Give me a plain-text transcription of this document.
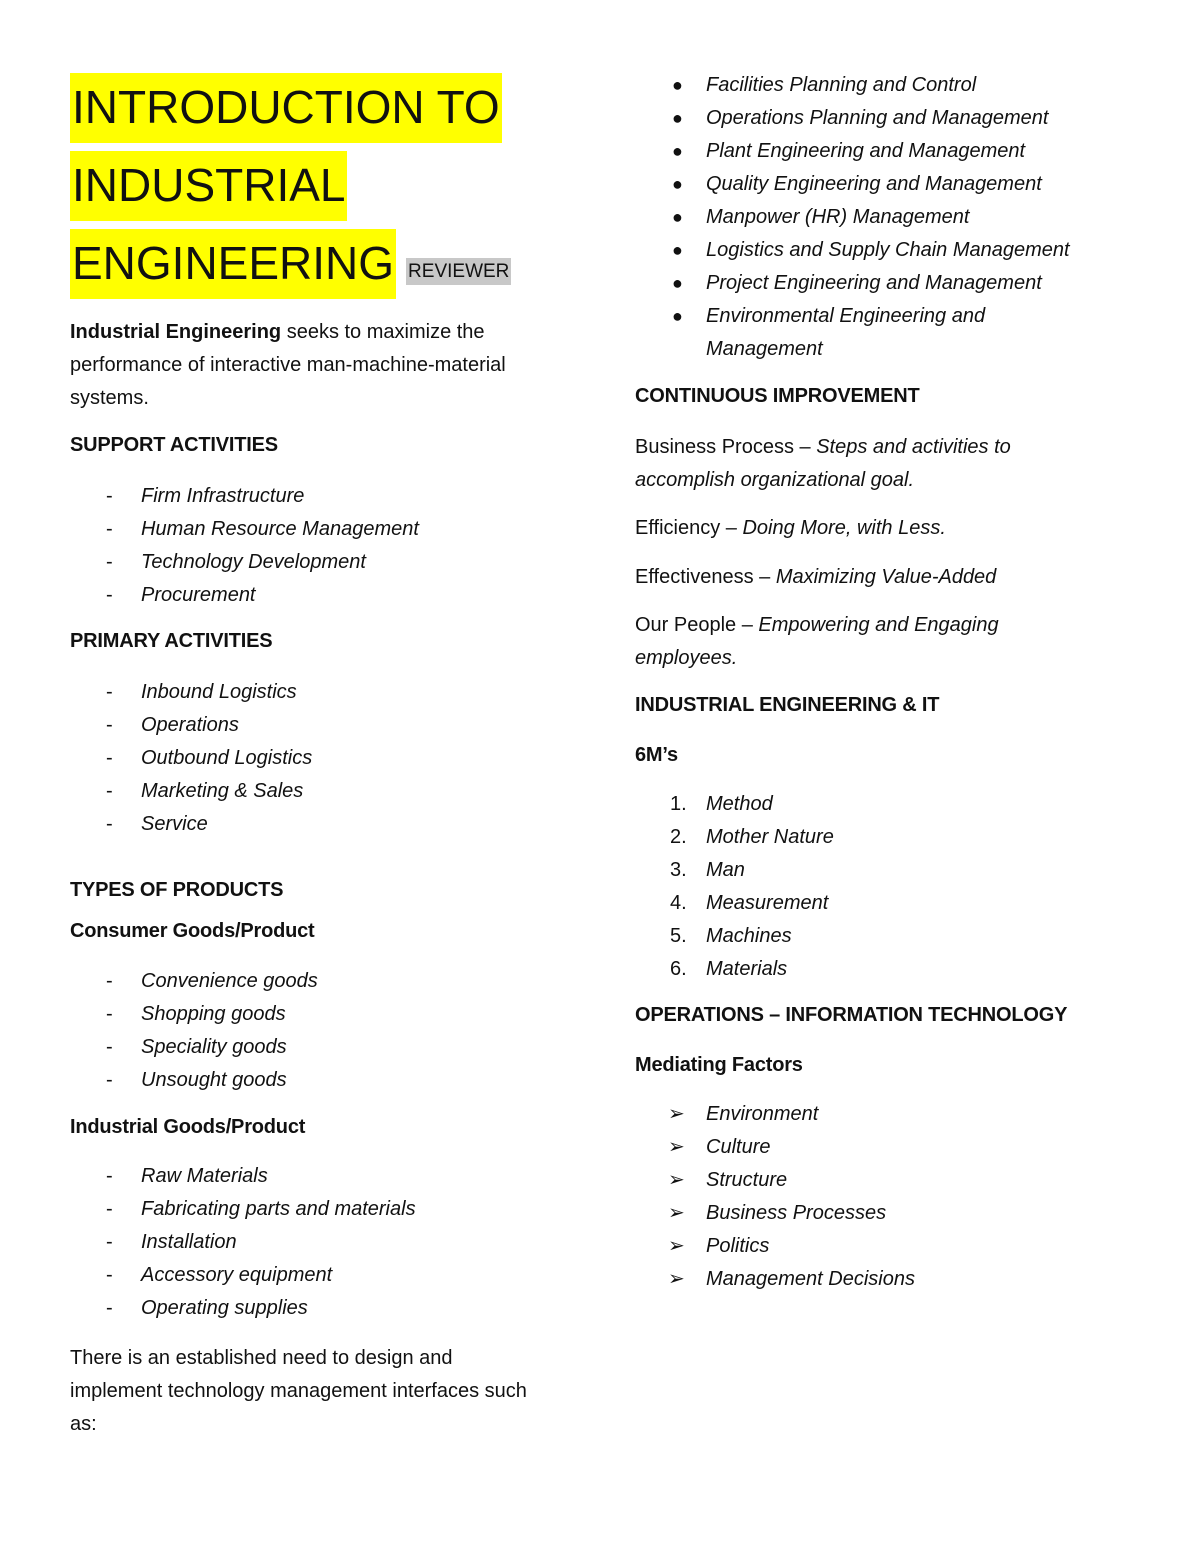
INTRODUCTION TO
INDUSTRIAL
ENGINEERING REVIEWER

Industrial Engineering seeks to maximize the performance of interactive man-machine-material systems.

SUPPORT ACTIVITIES
- Firm Infrastructure
- Human Resource Management
- Technology Development
- Procurement
PRIMARY ACTIVITIES
- Inbound Logistics
- Operations
- Outbound Logistics
- Marketing & Sales
- Service
TYPES OF PRODUCTS
Consumer Goods/Product
- Convenience goods
- Shopping goods
- Speciality goods
- Unsought goods
Industrial Goods/Product
- Raw Materials
- Fabricating parts and materials
- Installation
- Accessory equipment
- Operating supplies

There is an established need to design and implement technology management interfaces such as:

● Facilities Planning and Control
● Operations Planning and Management
● Plant Engineering and Management
● Quality Engineering and Management
● Manpower (HR) Management
● Logistics and Supply Chain Management
● Project Engineering and Management
● Environmental Engineering and Management
CONTINUOUS IMPROVEMENT

Business Process – Steps and activities to accomplish organizational goal.

Efficiency – Doing More, with Less.

Effectiveness – Maximizing Value-Added

Our People – Empowering and Engaging employees.

INDUSTRIAL ENGINEERING & IT
6M’s
1. Method
2. Mother Nature
3. Man
4. Measurement
5. Machines
6. Materials
OPERATIONS – INFORMATION TECHNOLOGY
Mediating Factors
➢ Environment
➢ Culture
➢ Structure
➢ Business Processes
➢ Politics
➢ Management Decisions
